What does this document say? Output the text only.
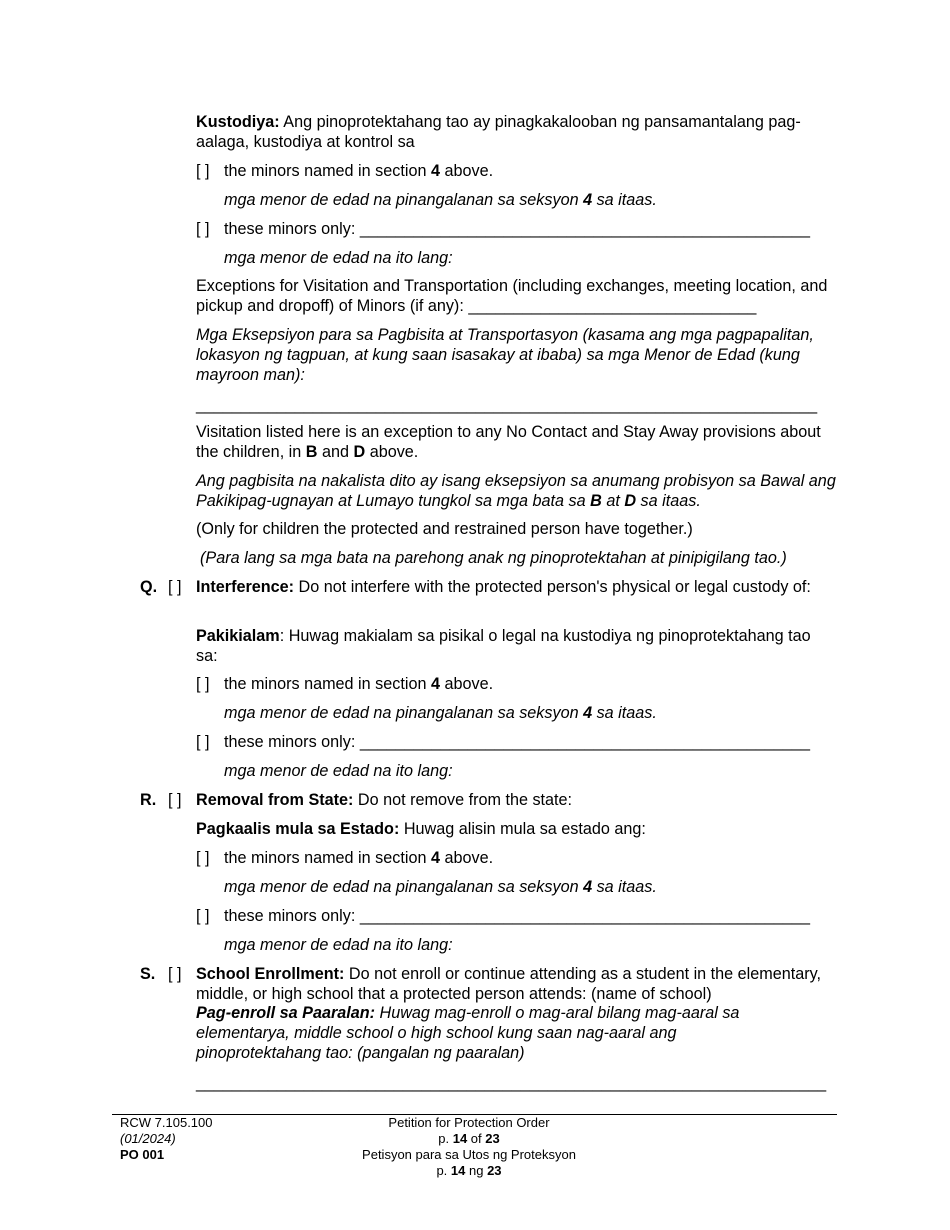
Kustodiya: Ang pinoprotektahang tao ay pinagkakalooban ng pansamantalang pag-aalaga, kustodiya at kontrol sa

[ ] the minors named in section 4 above.

mga menor de edad na pinangalanan sa seksyon 4 sa itaas.

[ ] these minors only: __________________________________________________

mga menor de edad na ito lang:

Exceptions for Visitation and Transportation (including exchanges, meeting location, and pickup and dropoff) of Minors (if any): ________________________________

Mga Eksepsiyon para sa Pagbisita at Transportasyon (kasama ang mga pagpapalitan, lokasyon ng tagpuan, at kung saan isasakay at ibaba) sa mga Menor de Edad (kung mayroon man):

_____________________________________________________________________

Visitation listed here is an exception to any No Contact and Stay Away provisions about the children, in B and D above.

Ang pagbisita na nakalista dito ay isang eksepsiyon sa anumang probisyon sa Bawal ang Pakikipag-ugnayan at Lumayo tungkol sa mga bata sa B at D sa itaas.

(Only for children the protected and restrained person have together.)

(Para lang sa mga bata na parehong anak ng pinoprotektahan at pinipigilang tao.)

Q. [ ] Interference: Do not interfere with the protected person's physical or legal custody of:

Pakikialam: Huwag makialam sa pisikal o legal na kustodiya ng pinoprotektahang tao sa:

[ ] the minors named in section 4 above.

mga menor de edad na pinangalanan sa seksyon 4 sa itaas.

[ ] these minors only: __________________________________________________

mga menor de edad na ito lang:

R. [ ] Removal from State: Do not remove from the state:

Pagkaalis mula sa Estado: Huwag alisin mula sa estado ang:

[ ] the minors named in section 4 above.

mga menor de edad na pinangalanan sa seksyon 4 sa itaas.

[ ] these minors only: __________________________________________________

mga menor de edad na ito lang:

S. [ ] School Enrollment: Do not enroll or continue attending as a student in the elementary, middle, or high school that a protected person attends: (name of school)

Pag-enroll sa Paaralan: Huwag mag-enroll o mag-aral bilang mag-aaral sa elementarya, middle school o high school kung saan nag-aaral ang pinoprotektahang tao: (pangalan ng paaralan)

______________________________________________________________________

RCW 7.105.100

(01/2024)

PO 001

Petition for Protection Order

p. 14 of 23

Petisyon para sa Utos ng Proteksyon

p. 14 ng 23
